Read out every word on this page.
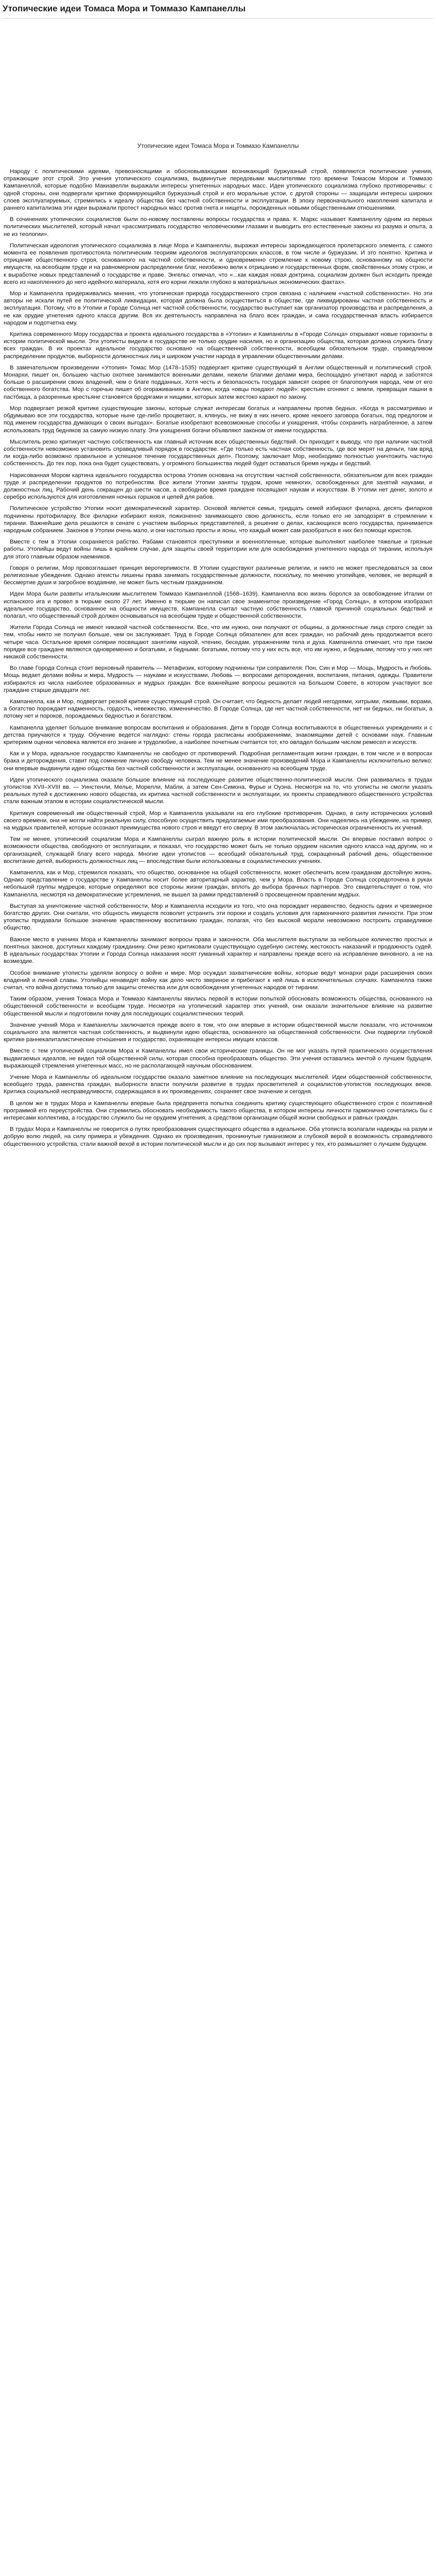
Утопические идеи Томаса Мора и Томмазо Кампанеллы
Утопические идеи Томаса Мора и Томмазо Кампанеллы

Народу с политическими идеями, превозносящими и обосновывающими возникающий буржуазный строй, появляются политические учения, отражающие этот строй. Это учения утопического социализма, выдвинутые передовыми мыслителями того времени Томасом Мором и Томмазо Кампанеллой, которые подобно Макиавелли выражали интересы угнетенных народных масс. Идеи утопического социализма глубоко противоречивы: с одной стороны, они подвергали критике формирующийся буржуазный строй и его моральные устои, с другой стороны — защищали интересы широких слоев эксплуатируемых, стремились к идеалу общества без частной собственности и эксплуатации. В эпоху первоначального накопления капитала и раннего капитализма эти идеи выражали протест народных масс против гнета и нищеты, порожденных новыми общественными отношениями.

В сочинениях утопических социалистов были по-новому поставлены вопросы государства и права. К. Маркс называет Кампанеллу одним из первых политических мыслителей, который начал «рассматривать государство человеческими глазами и выводить его естественные законы из разума и опыта, а не из теологии».

Политическая идеология утопического социализма в лице Мора и Кампанеллы, выражая интересы зарождающегося пролетарского элемента, с самого момента ее появления противостояла политическим теориям идеологов эксплуататорских классов, в том числе и буржуазии. И это понятно. Критика и отрицание общественного строя, основанного на частной собственности, и одновременно стремление к новому строю, основанному на общности имуществ, на всеобщем труде и на равномерном распределении благ, неизбежно вели к отрицанию и государственных форм, свойственных этому строю, и к выработке новых представлений о государстве и праве. Энгельс отмечал, что «...как каждая новая доктрина, социализм должен был исходить прежде всего из накопленного до него идейного материала, хотя его корни лежали глубоко в материальных экономических фактах».

Мор и Кампанелла придерживались мнения, что утопическая природа государственного строя связана с наличием «частной собственности». Но эти авторы не искали путей ее политической ликвидации, которая должна была осуществиться в обществе, где ликвидированы частная собственность и эксплуатация. Потому, что в Утопии и Городе Солнца нет частной собственности, государство выступает как организатор производства и распределения, а не как орудие угнетения одного класса другим. Вся их деятельность направлена на благо всех граждан, и сама государственная власть избирается народом и подотчетна ему.

Критика современного Мору государства и проекта идеального государства в «Утопии» и Кампанеллы в «Городе Солнца» открывают новые горизонты в истории политической мысли. Эти утописты видели в государстве не только орудие насилия, но и организацию общества, которая должна служить благу всех граждан. В их проектах идеальное государство основано на общественной собственности, всеобщем обязательном труде, справедливом распределении продуктов, выборности должностных лиц и широком участии народа в управлении общественными делами.

В замечательном произведении «Утопия» Томас Мор (1478–1535) подвергает критике существующий в Англии общественный и политический строй. Монархи, пишет он, большею частью охотнее занимаются военными делами, нежели благими делами мира, беспощадно угнетают народ и заботятся больше о расширении своих владений, чем о благе подданных. Хотя честь и безопасность государя зависят скорее от благополучия народа, чем от его собственного богатства. Мор с горечью пишет об огораживаниях в Англии, когда «овцы поедают людей»: крестьян сгоняют с земли, превращая пашни в пастбища, а разоренные крестьяне становятся бродягами и нищими, которых затем жестоко карают по закону.

Мор подвергает резкой критике существующие законы, которые служат интересам богатых и направлены против бедных. «Когда я рассматриваю и обдумываю все эти государства, которые ныне где-либо процветают, я, клянусь, не вижу в них ничего, кроме некоего заговора богатых, под предлогом и под именем государства думающих о своих выгодах». Богатые изобретают всевозможные способы и ухищрения, чтобы сохранить награбленное, а затем использовать труд бедняков за самую низкую плату. Эти ухищрения богачи объявляют законом от имени государства.

Мыслитель резко критикует частную собственность как главный источник всех общественных бедствий. Он приходит к выводу, что при наличии частной собственности невозможно установить справедливый порядок в государстве. «Где только есть частная собственность, где все мерят на деньги, там вряд ли когда-либо возможно правильное и успешное течение государственных дел». Поэтому, заключает Мор, необходимо полностью уничтожить частную собственность. До тех пор, пока она будет существовать, у огромного большинства людей будет оставаться бремя нужды и бедствий.

Нарисованная Мором картина идеального государства острова Утопия основана на отсутствии частной собственности, обязательном для всех граждан труде и распределении продуктов по потребностям. Все жители Утопии заняты трудом, кроме немногих, освобожденных для занятий науками, и должностных лиц. Рабочий день сокращен до шести часов, а свободное время граждане посвящают наукам и искусствам. В Утопии нет денег, золото и серебро используются для изготовления ночных горшков и цепей для рабов.

Политическое устройство Утопии носит демократический характер. Основой является семья, тридцать семей избирают филарха, десять филархов подчинены протофиларху. Все филархи избирают князя, пожизненно занимающего свою должность, если только его не заподозрят в стремлении к тирании. Важнейшие дела решаются в сенате с участием выборных представителей, а решение о делах, касающихся всего государства, принимается народным собранием. Законов в Утопии очень мало, и они настолько просты и ясны, что каждый может сам разобраться в них без помощи юристов.

Вместе с тем в Утопии сохраняется рабство. Рабами становятся преступники и военнопленные, которые выполняют наиболее тяжелые и грязные работы. Утопийцы ведут войны лишь в крайнем случае, для защиты своей территории или для освобождения угнетенного народа от тирании, используя для этого главным образом наемников.

Говоря о религии, Мор провозглашает принцип веротерпимости. В Утопии существуют различные религии, и никто не может преследоваться за свои религиозные убеждения. Однако атеисты лишены права занимать государственные должности, поскольку, по мнению утопийцев, человек, не верящий в бессмертие души и загробное воздаяние, не может быть честным гражданином.

Идеи Мора были развиты итальянским мыслителем Томмазо Кампанеллой (1568–1639). Кампанелла всю жизнь боролся за освобождение Италии от испанского ига и провел в тюрьме около 27 лет. Именно в тюрьме он написал свое знаменитое произведение «Город Солнца», в котором изобразил идеальное государство, основанное на общности имуществ. Кампанелла считал частную собственность главной причиной социальных бедствий и полагал, что общественный строй должен основываться на всеобщем труде и общественной собственности.

Жители Города Солнца не имеют никакой частной собственности. Все, что им нужно, они получают от общины, а должностные лица строго следят за тем, чтобы никто не получил больше, чем он заслуживает. Труд в Городе Солнца обязателен для всех граждан, но рабочий день продолжается всего четыре часа. Остальное время солярии посвящают занятиям наукой, чтению, беседам, упражнениям тела и духа. Кампанелла отмечает, что при таком порядке все граждане являются одновременно и богатыми, и бедными: богатыми, потому что у них есть все, что им нужно, и бедными, потому что у них нет никакой собственности.

Во главе Города Солнца стоит верховный правитель — Метафизик, которому подчинены три соправителя: Пон, Син и Мор — Мощь, Мудрость и Любовь. Мощь ведает делами войны и мира, Мудрость — науками и искусствами, Любовь — вопросами деторождения, воспитания, питания, одежды. Правители избираются из числа наиболее образованных и мудрых граждан. Все важнейшие вопросы решаются на Большом Совете, в котором участвуют все граждане старше двадцати лет.

Кампанелла, как и Мор, подвергает резкой критике существующий строй. Он считает, что бедность делает людей негодяями, хитрыми, лживыми, ворами, а богатство порождает надменность, гордость, невежество, изменничество. В Городе Солнца, где нет частной собственности, нет ни бедных, ни богатых, а потому нет и пороков, порождаемых бедностью и богатством.

Кампанелла уделяет большое внимание вопросам воспитания и образования. Дети в Городе Солнца воспитываются в общественных учреждениях и с детства приучаются к труду. Обучение ведется наглядно: стены города расписаны изображениями, знакомящими детей с основами наук. Главным критерием оценки человека является его знание и трудолюбие, а наиболее почетным считается тот, кто овладел большим числом ремесел и искусств.

Как и у Мора, идеальное государство Кампанеллы не свободно от противоречий. Подробная регламентация жизни граждан, в том числе и в вопросах брака и деторождения, ставит под сомнение личную свободу человека. Тем не менее значение произведений Мора и Кампанеллы исключительно велико: они впервые выдвинули идею общества без частной собственности и эксплуатации, основанного на всеобщем труде.

Идеи утопического социализма оказали большое влияние на последующее развитие общественно-политической мысли. Они развивались в трудах утопистов XVII–XVIII вв. — Уинстенли, Мелье, Морелли, Мабли, а затем Сен-Симона, Фурье и Оуэна. Несмотря на то, что утописты не смогли указать реальных путей к достижению нового общества, их критика частной собственности и эксплуатации, их проекты справедливого общественного устройства стали важным этапом в истории социалистической мысли.

Критикуя современный им общественный строй, Мор и Кампанелла указывали на его глубокие противоречия. Однако, в силу исторических условий своего времени, они не могли найти реальную силу, способную осуществить предлагаемые ими преобразования. Они надеялись на убеждение, на пример, на мудрых правителей, которые осознают преимущества нового строя и введут его сверху. В этом заключалась историческая ограниченность их учений.

Тем не менее, утопический социализм Мора и Кампанеллы сыграл важную роль в истории политической мысли. Он впервые поставил вопрос о возможности общества, свободного от эксплуатации, и показал, что государство может быть не только орудием насилия одного класса над другим, но и организацией, служащей благу всего народа. Многие идеи утопистов — всеобщий обязательный труд, сокращенный рабочий день, общественное воспитание детей, выборность должностных лиц — впоследствии были использованы в социалистических учениях.

Кампанелла, как и Мор, стремился показать, что общество, основанное на общей собственности, может обеспечить всем гражданам достойную жизнь. Однако представление о государстве у Кампанеллы носит более авторитарный характер, чем у Мора. Власть в Городе Солнца сосредоточена в руках небольшой группы мудрецов, которые определяют все стороны жизни граждан, вплоть до выбора брачных партнеров. Это свидетельствует о том, что Кампанелла, несмотря на демократические устремления, не вышел за рамки представлений о просвещенном правлении мудрых.

Выступая за уничтожение частной собственности, Мор и Кампанелла исходили из того, что она порождает неравенство, бедность одних и чрезмерное богатство других. Они считали, что общность имуществ позволит устранить эти пороки и создать условия для гармоничного развития личности. При этом утописты придавали большое значение нравственному воспитанию граждан, полагая, что без высокой морали невозможно построить справедливое общество.

Важное место в учениях Мора и Кампанеллы занимают вопросы права и законности. Оба мыслителя выступали за небольшое количество простых и понятных законов, доступных каждому гражданину. Они резко критиковали существующую судебную систему, жестокость наказаний и продажность судей. В идеальных государствах Утопии и Города Солнца наказания носят гуманный характер и направлены прежде всего на исправление виновного, а не на возмездие.

Особое внимание утописты уделяли вопросу о войне и мире. Мор осуждал захватнические войны, которые ведут монархи ради расширения своих владений и личной славы. Утопийцы ненавидят войну как дело чисто звериное и прибегают к ней лишь в исключительных случаях. Кампанелла также считал, что война допустима только для защиты отечества или для освобождения угнетенных народов от тирании.

Таким образом, учения Томаса Мора и Томмазо Кампанеллы явились первой в истории попыткой обосновать возможность общества, основанного на общественной собственности и всеобщем труде. Несмотря на утопический характер этих учений, они оказали значительное влияние на развитие общественной мысли и подготовили почву для последующих социалистических теорий.

Значение учений Мора и Кампанеллы заключается прежде всего в том, что они впервые в истории общественной мысли показали, что источником социального зла является частная собственность, и выдвинули идею общества, основанного на общественной собственности. Они подвергли глубокой критике раннекапиталистические отношения и государство, охраняющее интересы имущих классов.

Вместе с тем утопический социализм Мора и Кампанеллы имел свои исторические границы. Он не мог указать путей практического осуществления выдвигаемых идеалов, не видел той общественной силы, которая способна преобразовать общество. Эти учения оставались мечтой о лучшем будущем, выражающей стремления угнетенных масс, но не располагающей научным обоснованием.

Учение Мора и Кампанеллы об идеальном государстве оказало заметное влияние на последующих мыслителей. Идеи общественной собственности, всеобщего труда, равенства граждан, выборности власти получили развитие в трудах просветителей и социалистов-утопистов последующих веков. Критика социальной несправедливости, содержащаяся в их произведениях, сохраняет свое значение и сегодня.

В целом же в трудах Мора и Кампанеллы впервые была предпринята попытка соединить критику существующего общественного строя с позитивной программой его переустройства. Они стремились обосновать необходимость такого общества, в котором интересы личности гармонично сочетались бы с интересами коллектива, а государство служило бы не орудием угнетения, а средством организации общей жизни свободных и равных граждан.

В трудах Мора и Кампанеллы не говорится о путях преобразования существующего общества в идеальное. Оба утописта возлагали надежды на разум и добрую волю людей, на силу примера и убеждения. Однако их произведения, проникнутые гуманизмом и глубокой верой в возможность справедливого общественного устройства, стали важной вехой в истории политической мысли и до сих пор вызывают интерес у тех, кто размышляет о лучшем будущем.
